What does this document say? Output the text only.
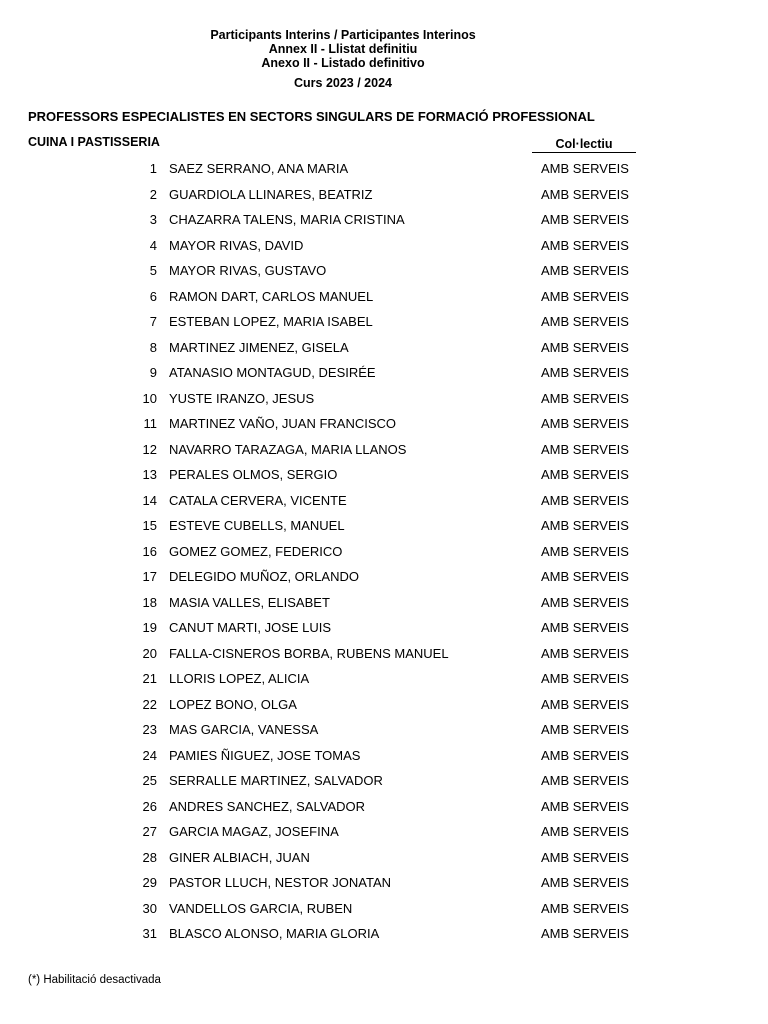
Participants Interins / Participantes Interinos
Annex II - Llistat definitiu
Anexo II - Listado definitivo
Curs 2023 / 2024
PROFESSORS ESPECIALISTES EN SECTORS SINGULARS DE FORMACIÓ PROFESSIONAL
CUINA I PASTISSERIA	Col·lectiu
1 SAEZ SERRANO, ANA MARIA	AMB SERVEIS
2 GUARDIOLA LLINARES, BEATRIZ	AMB SERVEIS
3 CHAZARRA TALENS, MARIA CRISTINA	AMB SERVEIS
4 MAYOR RIVAS, DAVID	AMB SERVEIS
5 MAYOR RIVAS, GUSTAVO	AMB SERVEIS
6 RAMON DART, CARLOS MANUEL	AMB SERVEIS
7 ESTEBAN LOPEZ, MARIA ISABEL	AMB SERVEIS
8 MARTINEZ JIMENEZ, GISELA	AMB SERVEIS
9 ATANASIO MONTAGUD, DESIRÉE	AMB SERVEIS
10 YUSTE IRANZO, JESUS	AMB SERVEIS
11 MARTINEZ VAÑO, JUAN FRANCISCO	AMB SERVEIS
12 NAVARRO TARAZAGA, MARIA LLANOS	AMB SERVEIS
13 PERALES OLMOS, SERGIO	AMB SERVEIS
14 CATALA CERVERA, VICENTE	AMB SERVEIS
15 ESTEVE CUBELLS, MANUEL	AMB SERVEIS
16 GOMEZ GOMEZ, FEDERICO	AMB SERVEIS
17 DELEGIDO MUÑOZ, ORLANDO	AMB SERVEIS
18 MASIA VALLES, ELISABET	AMB SERVEIS
19 CANUT MARTI, JOSE LUIS	AMB SERVEIS
20 FALLA-CISNEROS BORBA, RUBENS MANUEL	AMB SERVEIS
21 LLORIS LOPEZ, ALICIA	AMB SERVEIS
22 LOPEZ BONO, OLGA	AMB SERVEIS
23 MAS GARCIA, VANESSA	AMB SERVEIS
24 PAMIES ÑIGUEZ, JOSE TOMAS	AMB SERVEIS
25 SERRALLE MARTINEZ, SALVADOR	AMB SERVEIS
26 ANDRES SANCHEZ, SALVADOR	AMB SERVEIS
27 GARCIA MAGAZ, JOSEFINA	AMB SERVEIS
28 GINER ALBIACH, JUAN	AMB SERVEIS
29 PASTOR LLUCH, NESTOR JONATAN	AMB SERVEIS
30 VANDELLOS GARCIA, RUBEN	AMB SERVEIS
31 BLASCO ALONSO, MARIA GLORIA	AMB SERVEIS
(*) Habilitació desactivada
